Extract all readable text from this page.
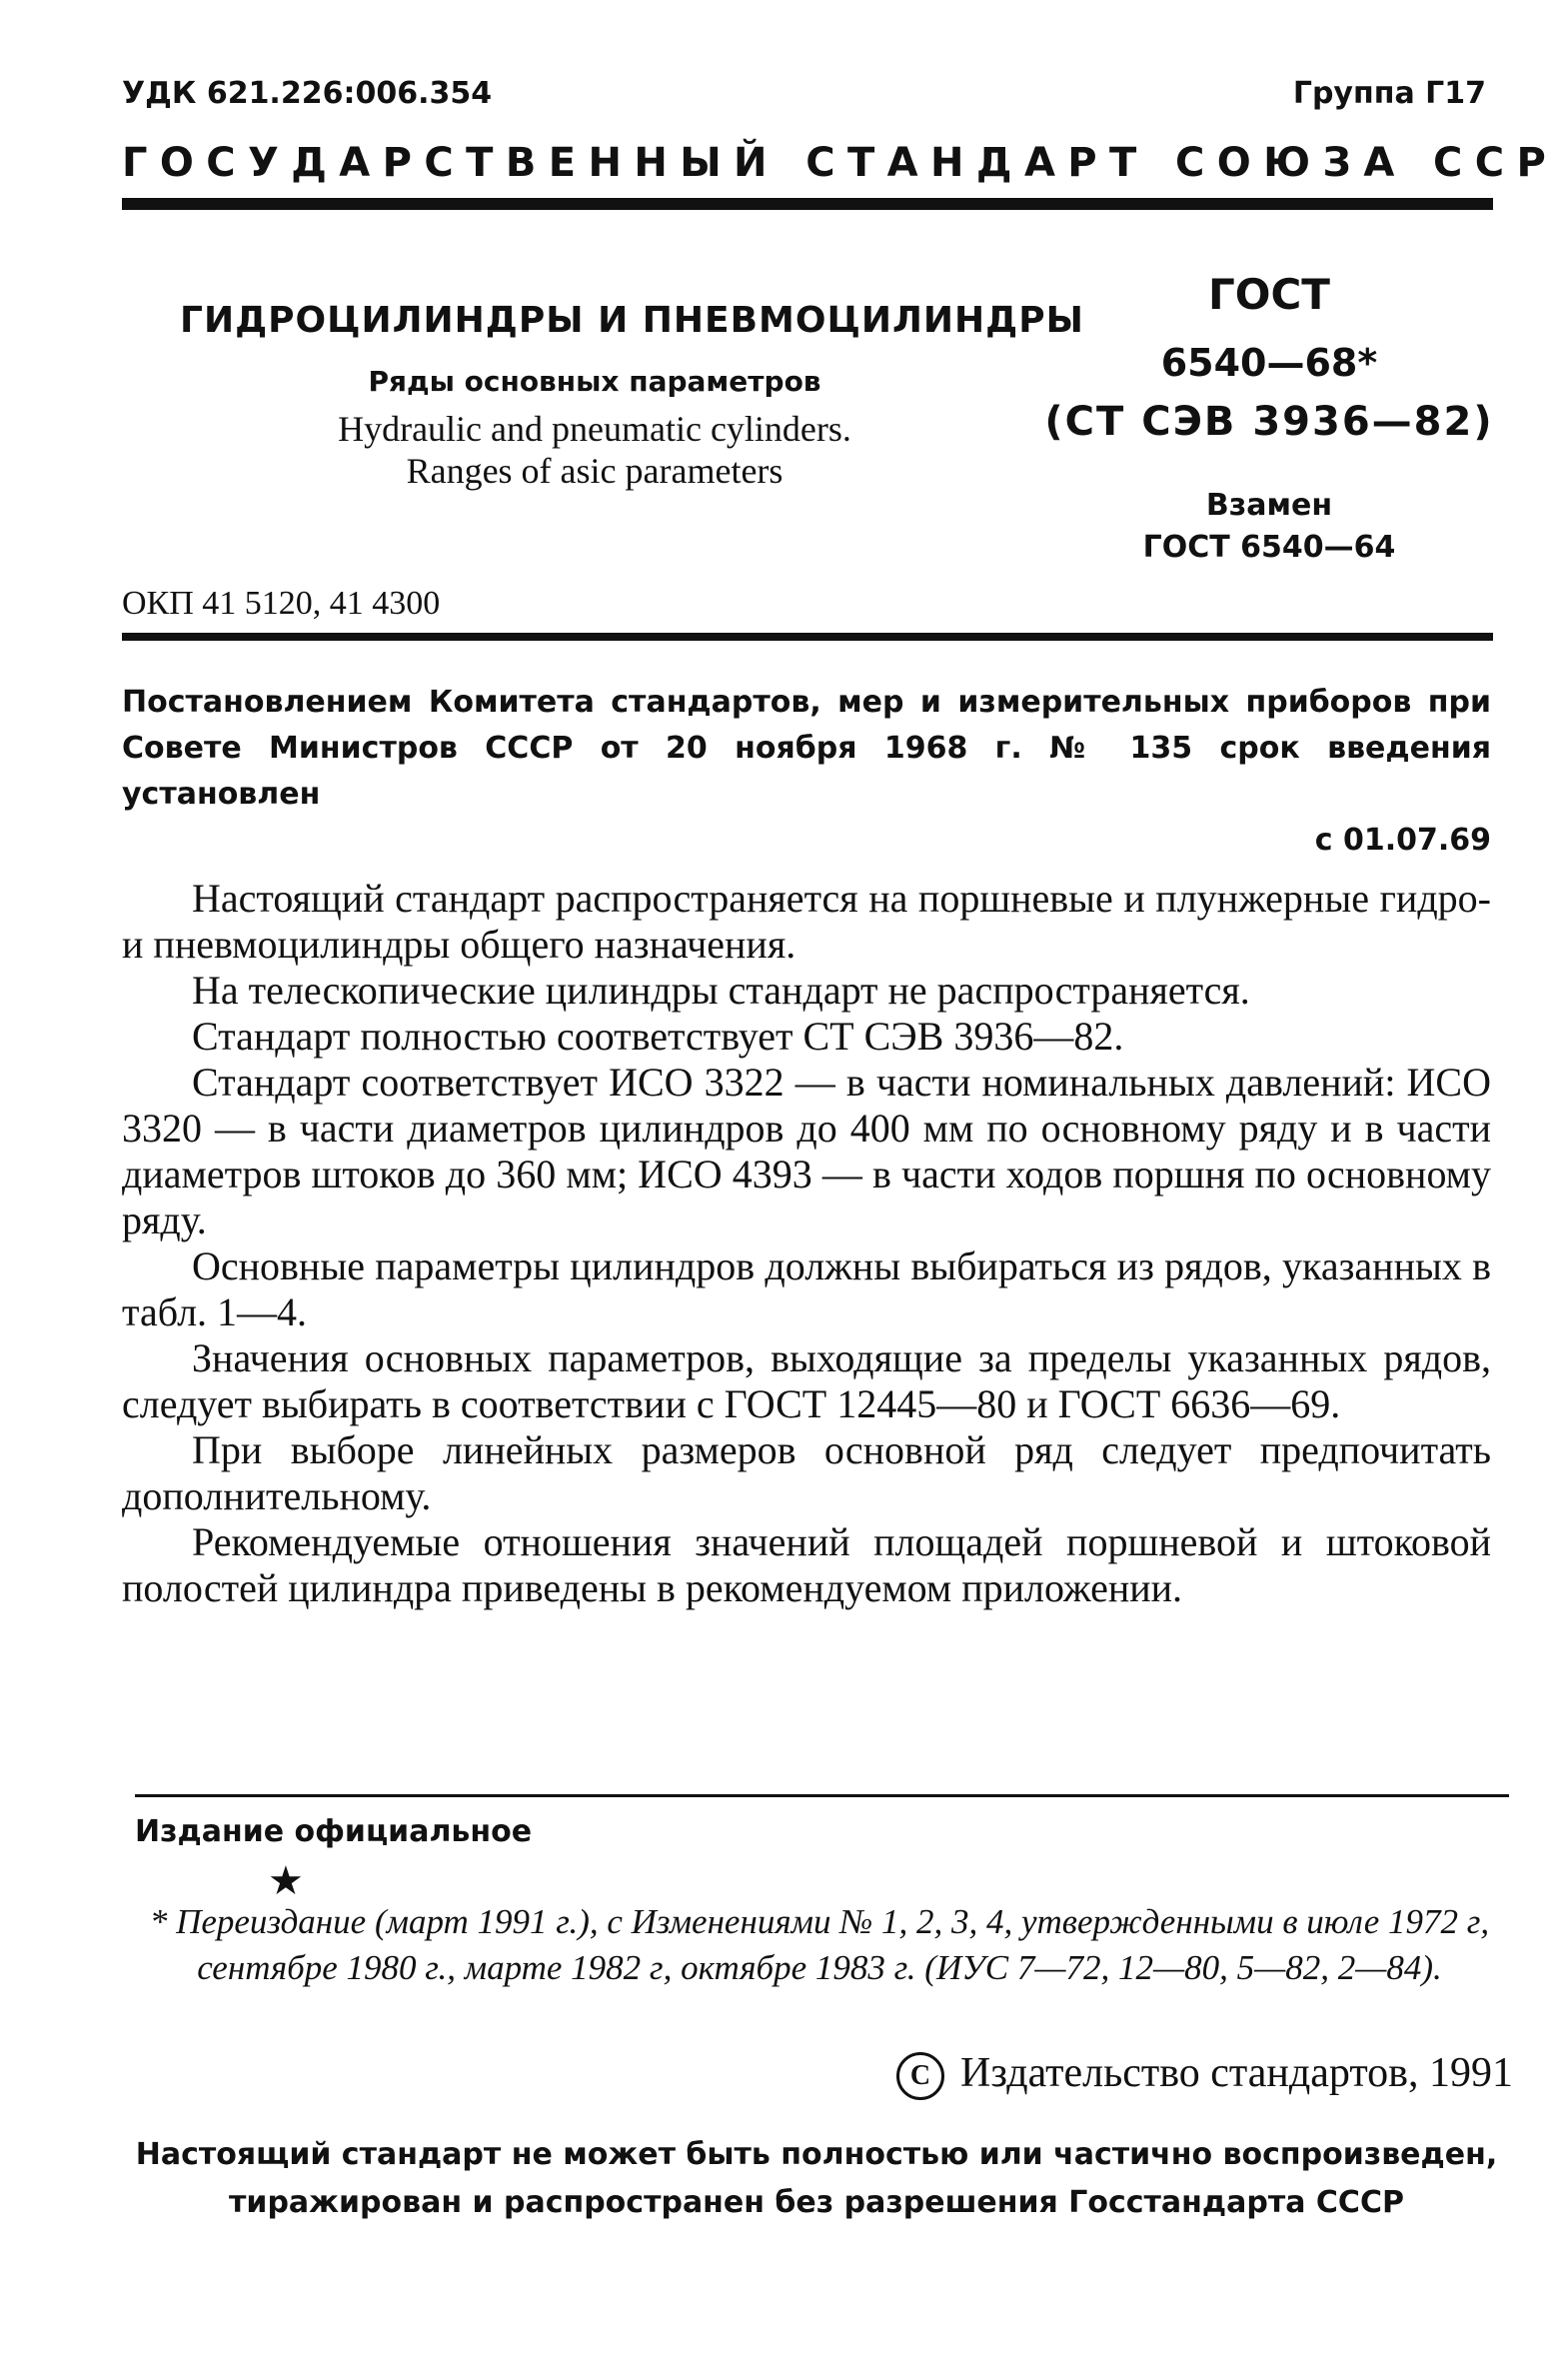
УДК 621.226:006.354	Группа Г17
ГОСУДАРСТВЕННЫЙ СТАНДАРТ СОЮЗА ССР
ГИДРОЦИЛИНДРЫ И ПНЕВМОЦИЛИНДРЫ
Ряды основных параметров
Hydraulic and pneumatic cylinders.
Ranges of аsic parameters
ГОСТ
6540—68*
(СТ СЭВ 3936—82)
Взамен
ГОСТ 6540—64
ОКП 41 5120, 41 4300
Постановлением Комитета стандартов, мер и измерительных приборов при Совете Министров СССР от 20 ноября 1968 г. № 135 срок введения установлен
с 01.07.69

Настоящий стандарт распространяется на поршневые и плунжерные гидро- и пневмоцилиндры общего назначения.

На телескопические цилиндры стандарт не распространяется.

Стандарт полностью соответствует СТ СЭВ 3936—82.

Стандарт соответствует ИСО 3322 — в части номинальных давлений: ИСО 3320 — в части диаметров цилиндров до 400 мм по основному ряду и в части диаметров штоков до 360 мм; ИСО 4393 — в части ходов поршня по основному ряду.

Основные параметры цилиндров должны выбираться из рядов, указанных в табл. 1—4.

Значения основных параметров, выходящие за пределы указанных рядов, следует выбирать в соответствии с ГОСТ 12445—80 и ГОСТ 6636—69.

При выборе линейных размеров основной ряд следует предпочитать дополнительному.

Рекомендуемые отношения значений площадей поршневой и штоковой полостей цилиндра приведены в рекомендуемом приложении.

Издание официальное
★
* Переиздание (март 1991 г.), с Изменениями № 1, 2, 3, 4, утвержденными в июле 1972 г, сентябре 1980 г., марте 1982 г, октябре 1983 г. (ИУС 7—72, 12—80, 5—82, 2—84).
С Издательство стандартов, 1991
Настоящий стандарт не может быть полностью или частично воспроизведен, тиражирован и распространен без разрешения Госстандарта СССР
